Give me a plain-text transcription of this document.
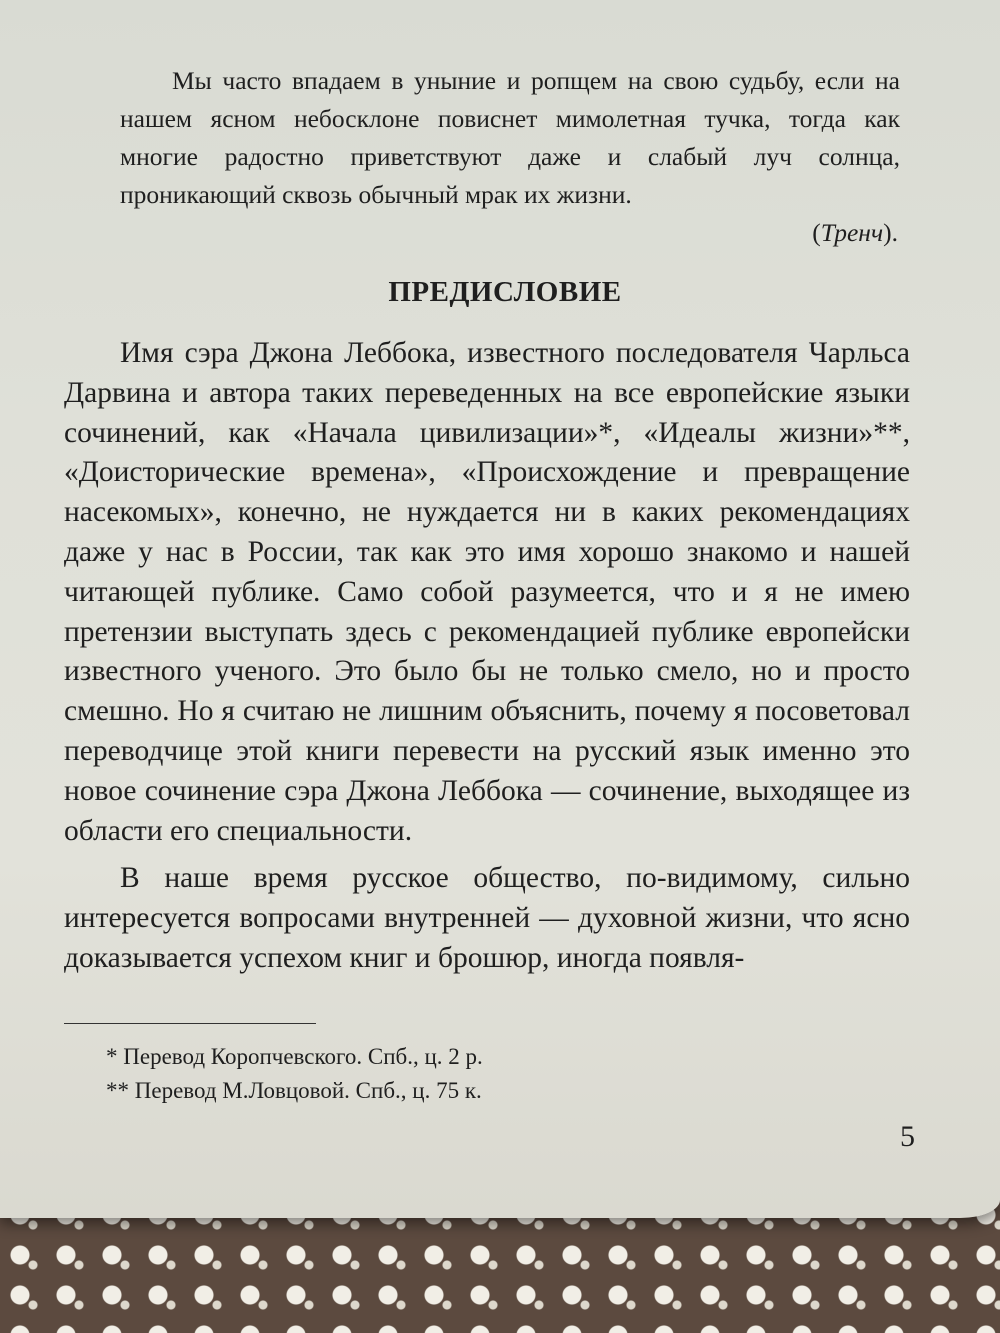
Мы часто впадаем в уныние и ропщем на свою судьбу, если на нашем ясном небосклоне повиснет мимолетная тучка, тогда как многие радостно приветствуют даже и слабый луч солнца, проникающий сквозь обычный мрак их жизни.

(Тренч).

ПРЕДИСЛОВИЕ

Имя сэра Джона Леббока, известного последователя Чарльса Дарвина и автора таких переведенных на все европейские языки сочинений, как «Начала цивилизации»*, «Идеалы жизни»**, «Доисторические времена», «Происхождение и превращение насекомых», конечно, не нуждается ни в каких рекомендациях даже у нас в России, так как это имя хорошо знакомо и нашей читающей публике. Само собой разумеется, что и я не имею претензии выступать здесь с рекомендацией публике европейски известного ученого. Это было бы не только смело, но и просто смешно. Но я считаю не лишним объяснить, почему я посоветовал переводчице этой книги перевести на русский язык именно это новое сочинение сэра Джона Леббока — сочинение, выходящее из области его специальности.

В наше время русское общество, по-видимому, сильно интересуется вопросами внутренней — духовной жизни, что ясно доказывается успехом книг и брошюр, иногда появля-

* Перевод Коропчевского. Спб., ц. 2 р.

** Перевод М.Ловцовой. Спб., ц. 75 к.

5
